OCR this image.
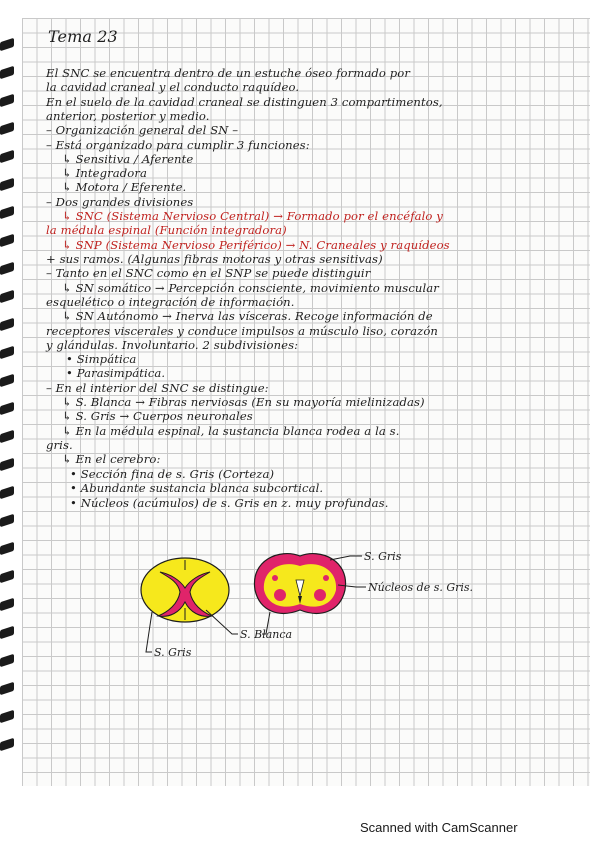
Tema 23
El SNC se encuentra dentro de un estuche óseo formado por
la cavidad craneal y el conducto raquídeo.
En el suelo de la cavidad craneal se distinguen 3 compartimentos,
anterior, posterior y medio.
– Organización general del SN –
– Está organizado para cumplir 3 funciones:
↳ Sensitiva / Aferente
↳ Integradora
↳ Motora / Eferente.
– Dos grandes divisiones
↳ SNC (Sistema Nervioso Central) → Formado por el encéfalo y
la médula espinal (Función integradora)
↳ SNP (Sistema Nervioso Periférico) → N. Craneales y raquídeos
+ sus ramos. (Algunas fibras motoras y otras sensitivas)
– Tanto en el SNC como en el SNP se puede distinguir
↳ SN somático → Percepción consciente, movimiento muscular
esquelético o integración de información.
↳ SN Autónomo → Inerva las vísceras. Recoge información de
receptores viscerales y conduce impulsos a músculo liso, corazón
y glándulas. Involuntario. 2 subdivisiones:
• Simpática
• Parasimpática.
– En el interior del SNC se distingue:
↳ S. Blanca → Fibras nerviosas (En su mayoría mielinizadas)
↳ S. Gris → Cuerpos neuronales
↳ En la médula espinal, la sustancia blanca rodea a la s.
gris.
↳ En el cerebro:
• Sección fina de s. Gris (Corteza)
• Abundante sustancia blanca subcortical.
• Núcleos (acúmulos) de s. Gris en z. muy profundas.
S. Gris
S. Blanca
S. Gris
Núcleos de s. Gris.
Scanned with CamScanner
